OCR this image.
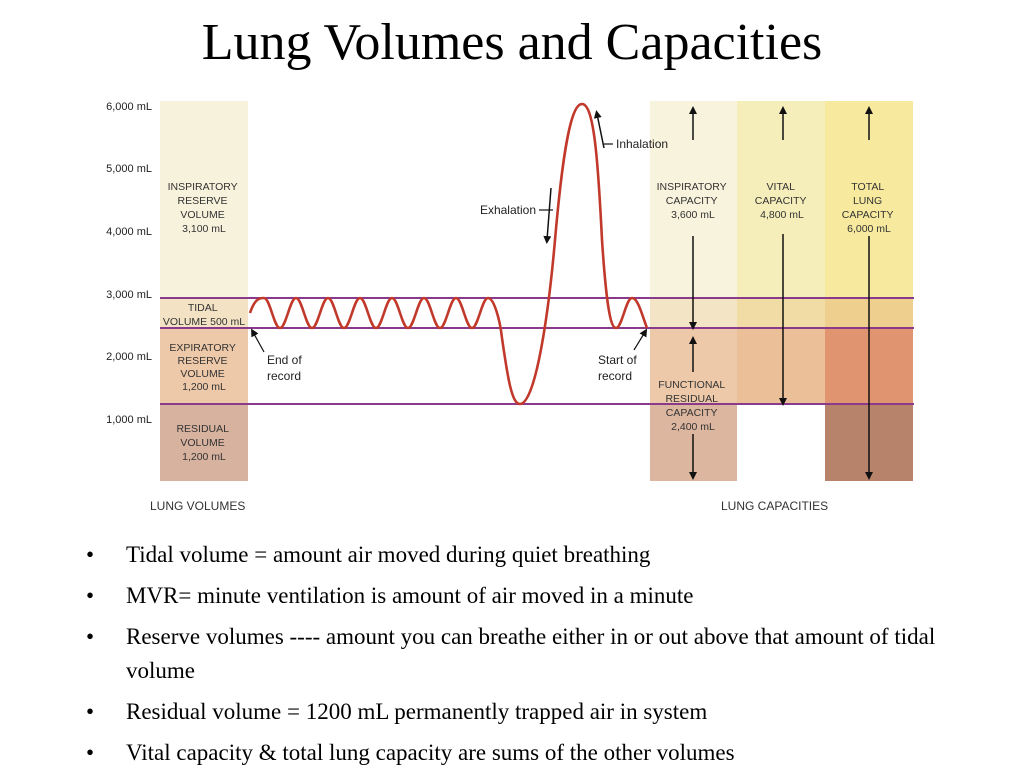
Lung Volumes and Capacities
6,000 mL
5,000 mL
4,000 mL
3,000 mL
2,000 mL
1,000 mL
Inhalation
Exhalation
End of
record
Start of
record
INSPIRATORY RESERVE VOLUME 3,100 mL
TIDAL VOLUME 500 mL
EXPIRATORY RESERVE VOLUME 1,200 mL
RESIDUAL VOLUME 1,200 mL
INSPIRATORY CAPACITY 3,600 mL
VITAL CAPACITY 4,800 mL
TOTAL LUNG CAPACITY 6,000 mL
FUNCTIONAL RESIDUAL CAPACITY 2,400 mL
LUNG VOLUMES	LUNG CAPACITIES
• Tidal volume = amount air moved during quiet breathing
• MVR= minute ventilation is amount of air moved in a minute
• Reserve volumes ---- amount you can breathe either in or out above that amount of tidal volume
• Residual volume = 1200 mL permanently trapped air in system
• Vital capacity & total lung capacity are sums of the other volumes
